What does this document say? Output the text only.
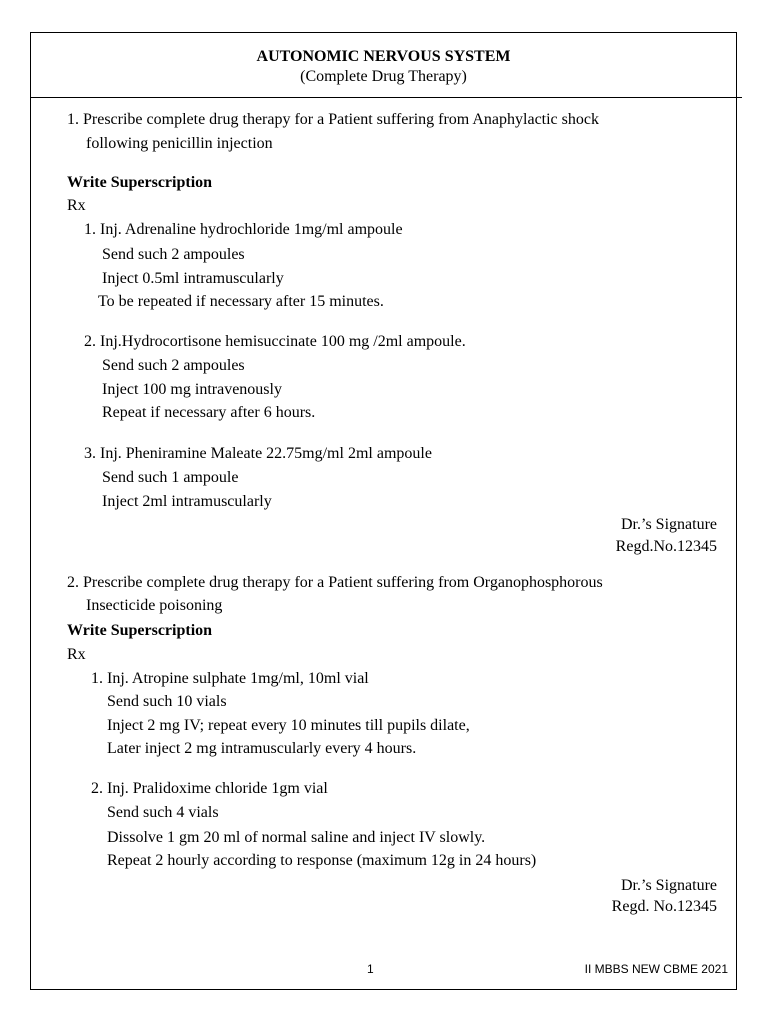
AUTONOMIC NERVOUS SYSTEM
(Complete Drug Therapy)
1. Prescribe complete drug therapy for a Patient suffering from Anaphylactic shock
following penicillin injection
Write Superscription
Rx
1. Inj. Adrenaline hydrochloride 1mg/ml ampoule
Send such 2 ampoules
Inject 0.5ml intramuscularly
To be repeated if necessary after 15 minutes.
2. Inj.Hydrocortisone hemisuccinate 100 mg /2ml ampoule.
Send such 2 ampoules
Inject 100 mg intravenously
Repeat if necessary after 6 hours.
3. Inj. Pheniramine Maleate 22.75mg/ml 2ml ampoule
Send such 1 ampoule
Inject 2ml intramuscularly
Dr.’s Signature
Regd.No.12345
2. Prescribe complete drug therapy for a Patient suffering from Organophosphorous
Insecticide poisoning
Write Superscription
Rx
1. Inj. Atropine sulphate 1mg/ml, 10ml vial
Send such 10 vials
Inject 2 mg IV; repeat every 10 minutes till pupils dilate,
Later inject 2 mg intramuscularly every 4 hours.
2. Inj. Pralidoxime chloride 1gm vial
Send such 4 vials
Dissolve 1 gm 20 ml of normal saline and inject IV slowly.
Repeat 2 hourly according to response (maximum 12g in 24 hours)
Dr.’s Signature
Regd. No.12345
1	II MBBS NEW CBME 2021
